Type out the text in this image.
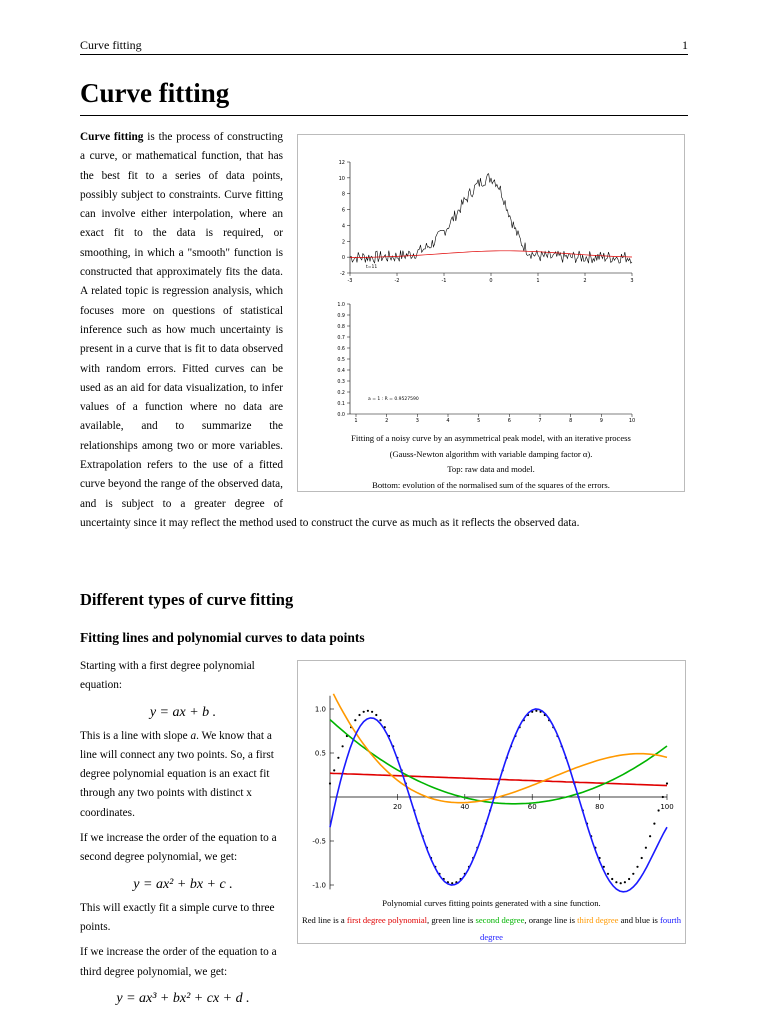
Curve fitting	1
Curve fitting
12
10
8
6
4
2
0
-2
-3	-2	-1	0	1	2	3
t=11
1.0
0.9
0.8
0.7
0.6
0.5
0.4
0.3
0.2
0.1
0.0
1	2	3	4	5	6	7	8	9	10
a = 1 : R = 0.9527590
Fitting of a noisy curve by an asymmetrical peak model, with an iterative process
(Gauss-Newton algorithm with variable damping factor α).
Top: raw data and model.
Bottom: evolution of the normalised sum of the squares of the errors.

Curve fitting is the process of constructing a curve, or mathematical function, that has the best fit to a series of data points, possibly subject to constraints. Curve fitting can involve either interpolation, where an exact fit to the data is required, or smoothing, in which a "smooth" function is constructed that approximately fits the data. A related topic is regression analysis, which focuses more on questions of statistical inference such as how much uncertainty is present in a curve that is fit to data observed with random errors. Fitted curves can be used as an aid for data visualization, to infer values of a function where no data are available, and to summarize the relationships among two or more variables. Extrapolation refers to the use of a fitted curve beyond the range of the observed data, and is subject to a greater degree of uncertainty since it may reflect the method used to construct the curve as much as it reflects the observed data.

Different types of curve fitting
Fitting lines and polynomial curves to data points

Starting with a first degree polynomial equation:

y = ax + b .

This is a line with slope a. We know that a line will connect any two points. So, a first degree polynomial equation is an exact fit through any two points with distinct x coordinates.

If we increase the order of the equation to a second degree polynomial, we get:

y = ax² + bx + c .

This will exactly fit a simple curve to three points.

If we increase the order of the equation to a third degree polynomial, we get:

y = ax³ + bx² + cx + d .
20	40	60	80	100
1.0
0.5
-0.5
-1.0
Polynomial curves fitting points generated with a sine function.
Red line is a first degree polynomial, green line is second degree, orange line is third degree and blue is fourth degree
